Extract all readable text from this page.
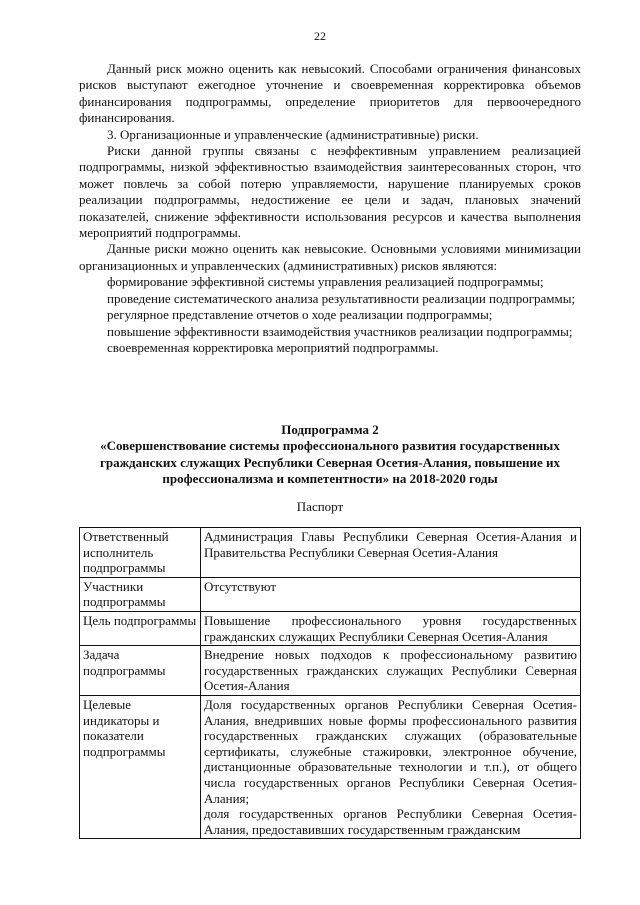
22

Данный риск можно оценить как невысокий. Способами ограничения финансовых рисков выступают ежегодное уточнение и своевременная корректировка объемов финансирования подпрограммы, определение приоритетов для первоочередного финансирования.

3. Организационные и управленческие (административные) риски.

Риски данной группы связаны с неэффективным управлением реализацией подпрограммы, низкой эффективностью взаимодействия заинтересованных сторон, что может повлечь за собой потерю управляемости, нарушение планируемых сроков реализации подпрограммы, недостижение ее цели и задач, плановых значений показателей, снижение эффективности использования ресурсов и качества выполнения мероприятий подпрограммы.

Данные риски можно оценить как невысокие. Основными условиями минимизации организационных и управленческих (административных) рисков являются:

формирование эффективной системы управления реализацией подпрограммы;

проведение систематического анализа результативности реализации подпрограммы;

регулярное представление отчетов о ходе реализации подпрограммы;

повышение эффективности взаимодействия участников реализации подпрограммы;

своевременная корректировка мероприятий подпрограммы.

Подпрограмма 2
«Совершенствование системы профессионального развития государственных
гражданских служащих Республики Северная Осетия-Алания, повышение их
профессионализма и компетентности» на 2018-2020 годы
Паспорт
Ответственный исполнитель подпрограммы	Администрация Главы Республики Северная Осетия-Алания и Правительства Республики Северная Осетия-Алания

Участники подпрограммы	Отсутствуют

Цель подпрограммы	Повышение профессионального уровня государственных гражданских служащих Республики Северная Осетия-Алания

Задача подпрограммы	Внедрение новых подходов к профессиональному развитию государственных гражданских служащих Республики Северная Осетия-Алания

Целевые индикаторы и показатели подпрограммы	Доля государственных органов Республики Северная Осетия-Алания, внедривших новые формы профессионального развития государственных гражданских служащих (образовательные сертификаты, служебные стажировки, электронное обучение, дистанционные образовательные технологии и т.п.), от общего числа государственных органов Республики Северная Осетия-Алания;
доля государственных органов Республики Северная Осетия-Алания, предоставивших государственным гражданским
